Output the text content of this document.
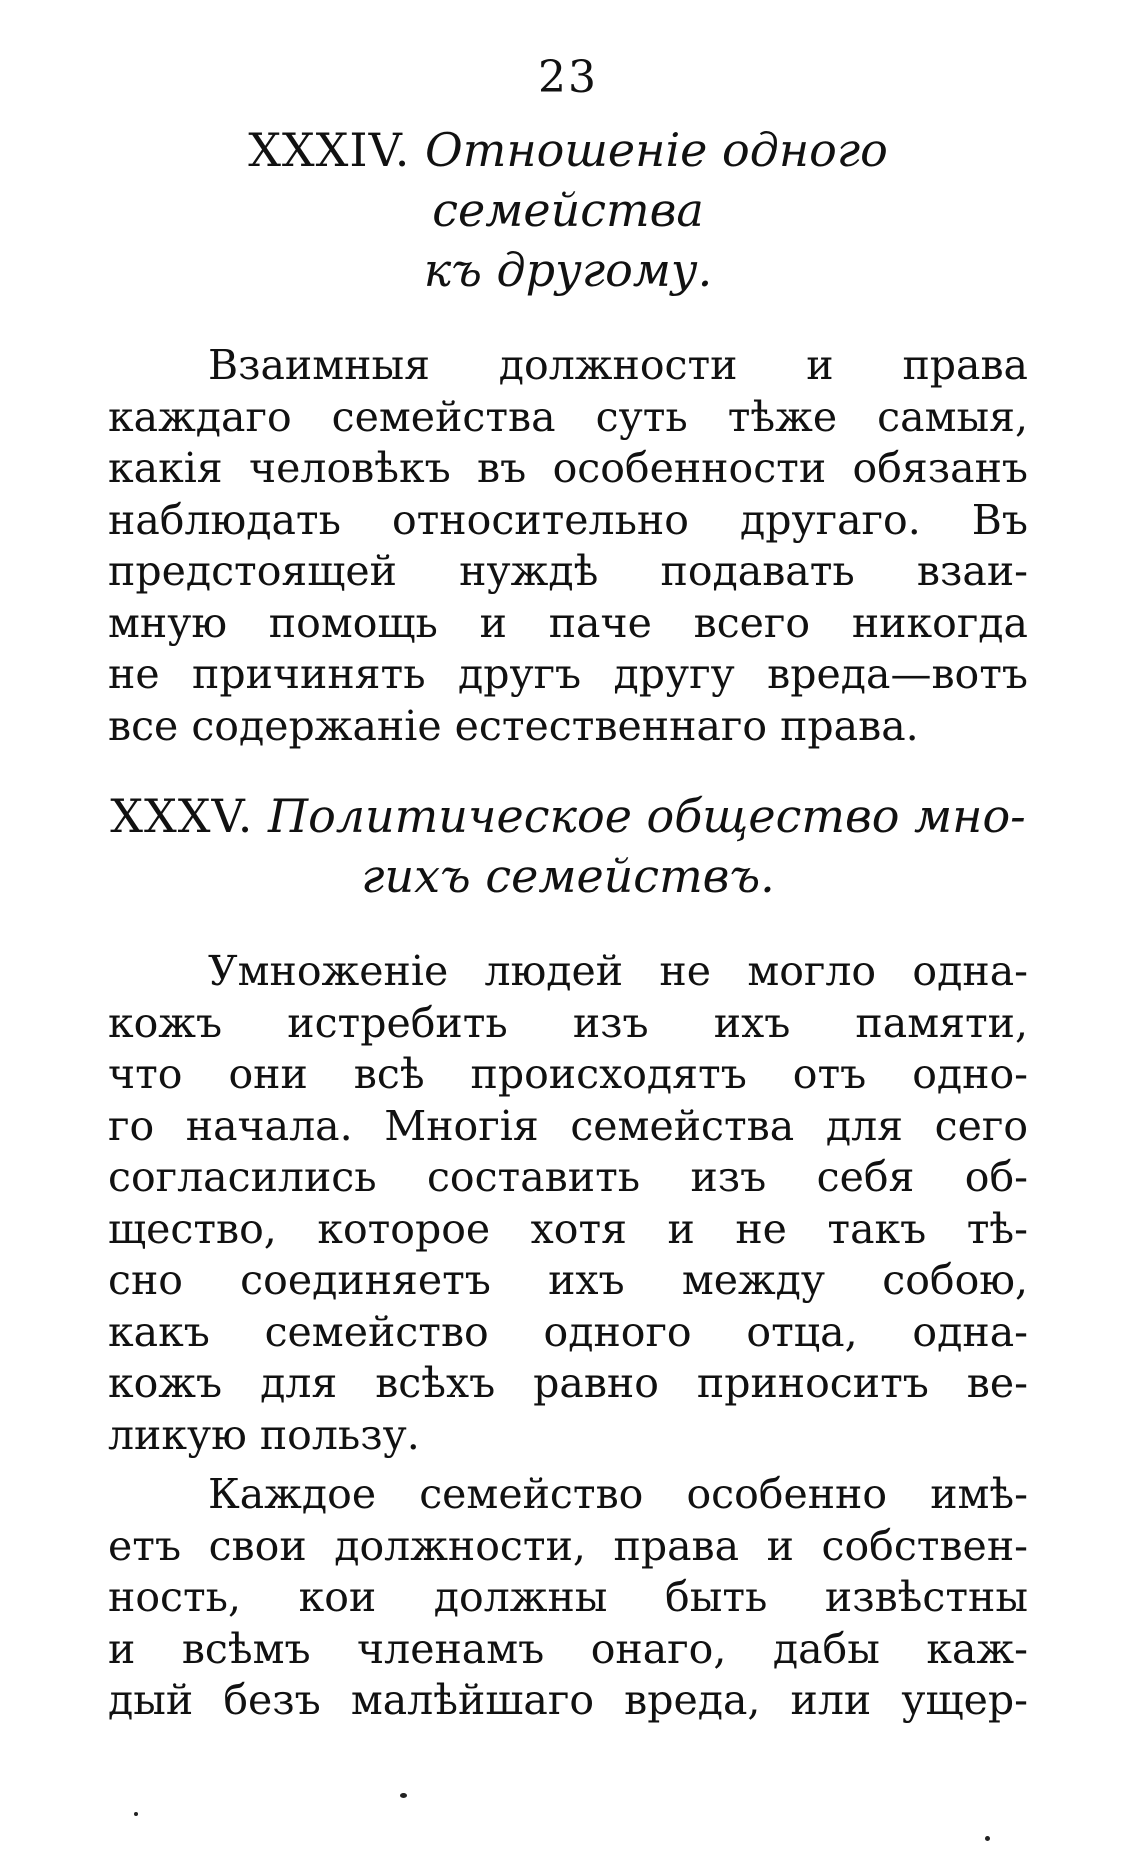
23
XXXIV. Отношеніе одного семейства
къ другому.
Взаимныя должности и права
каждаго семейства суть тѣже самыя,
какія человѣкъ въ особенности обязанъ
наблюдать относительно другаго. Въ
предстоящей нуждѣ подавать взаи-
мную помощь и паче всего никогда
не причинять другъ другу вреда—вотъ
все содержаніе естественнаго права.
XXXV. Политическое общество мно-
гихъ семействъ.
Умноженіе людей не могло одна-
кожъ истребить изъ ихъ памяти,
что они всѣ происходятъ отъ одно-
го начала. Многія семейства для сего
согласились составить изъ себя об-
щество, которое хотя и не такъ тѣ-
сно соединяетъ ихъ между собою,
какъ семейство одного отца, одна-
кожъ для всѣхъ равно приноситъ ве-
ликую пользу.
Каждое семейство особенно имѣ-
етъ свои должности, права и собствен-
ность, кои должны быть извѣстны
и всѣмъ членамъ онаго, дабы каж-
дый безъ малѣйшаго вреда, или ущер-
